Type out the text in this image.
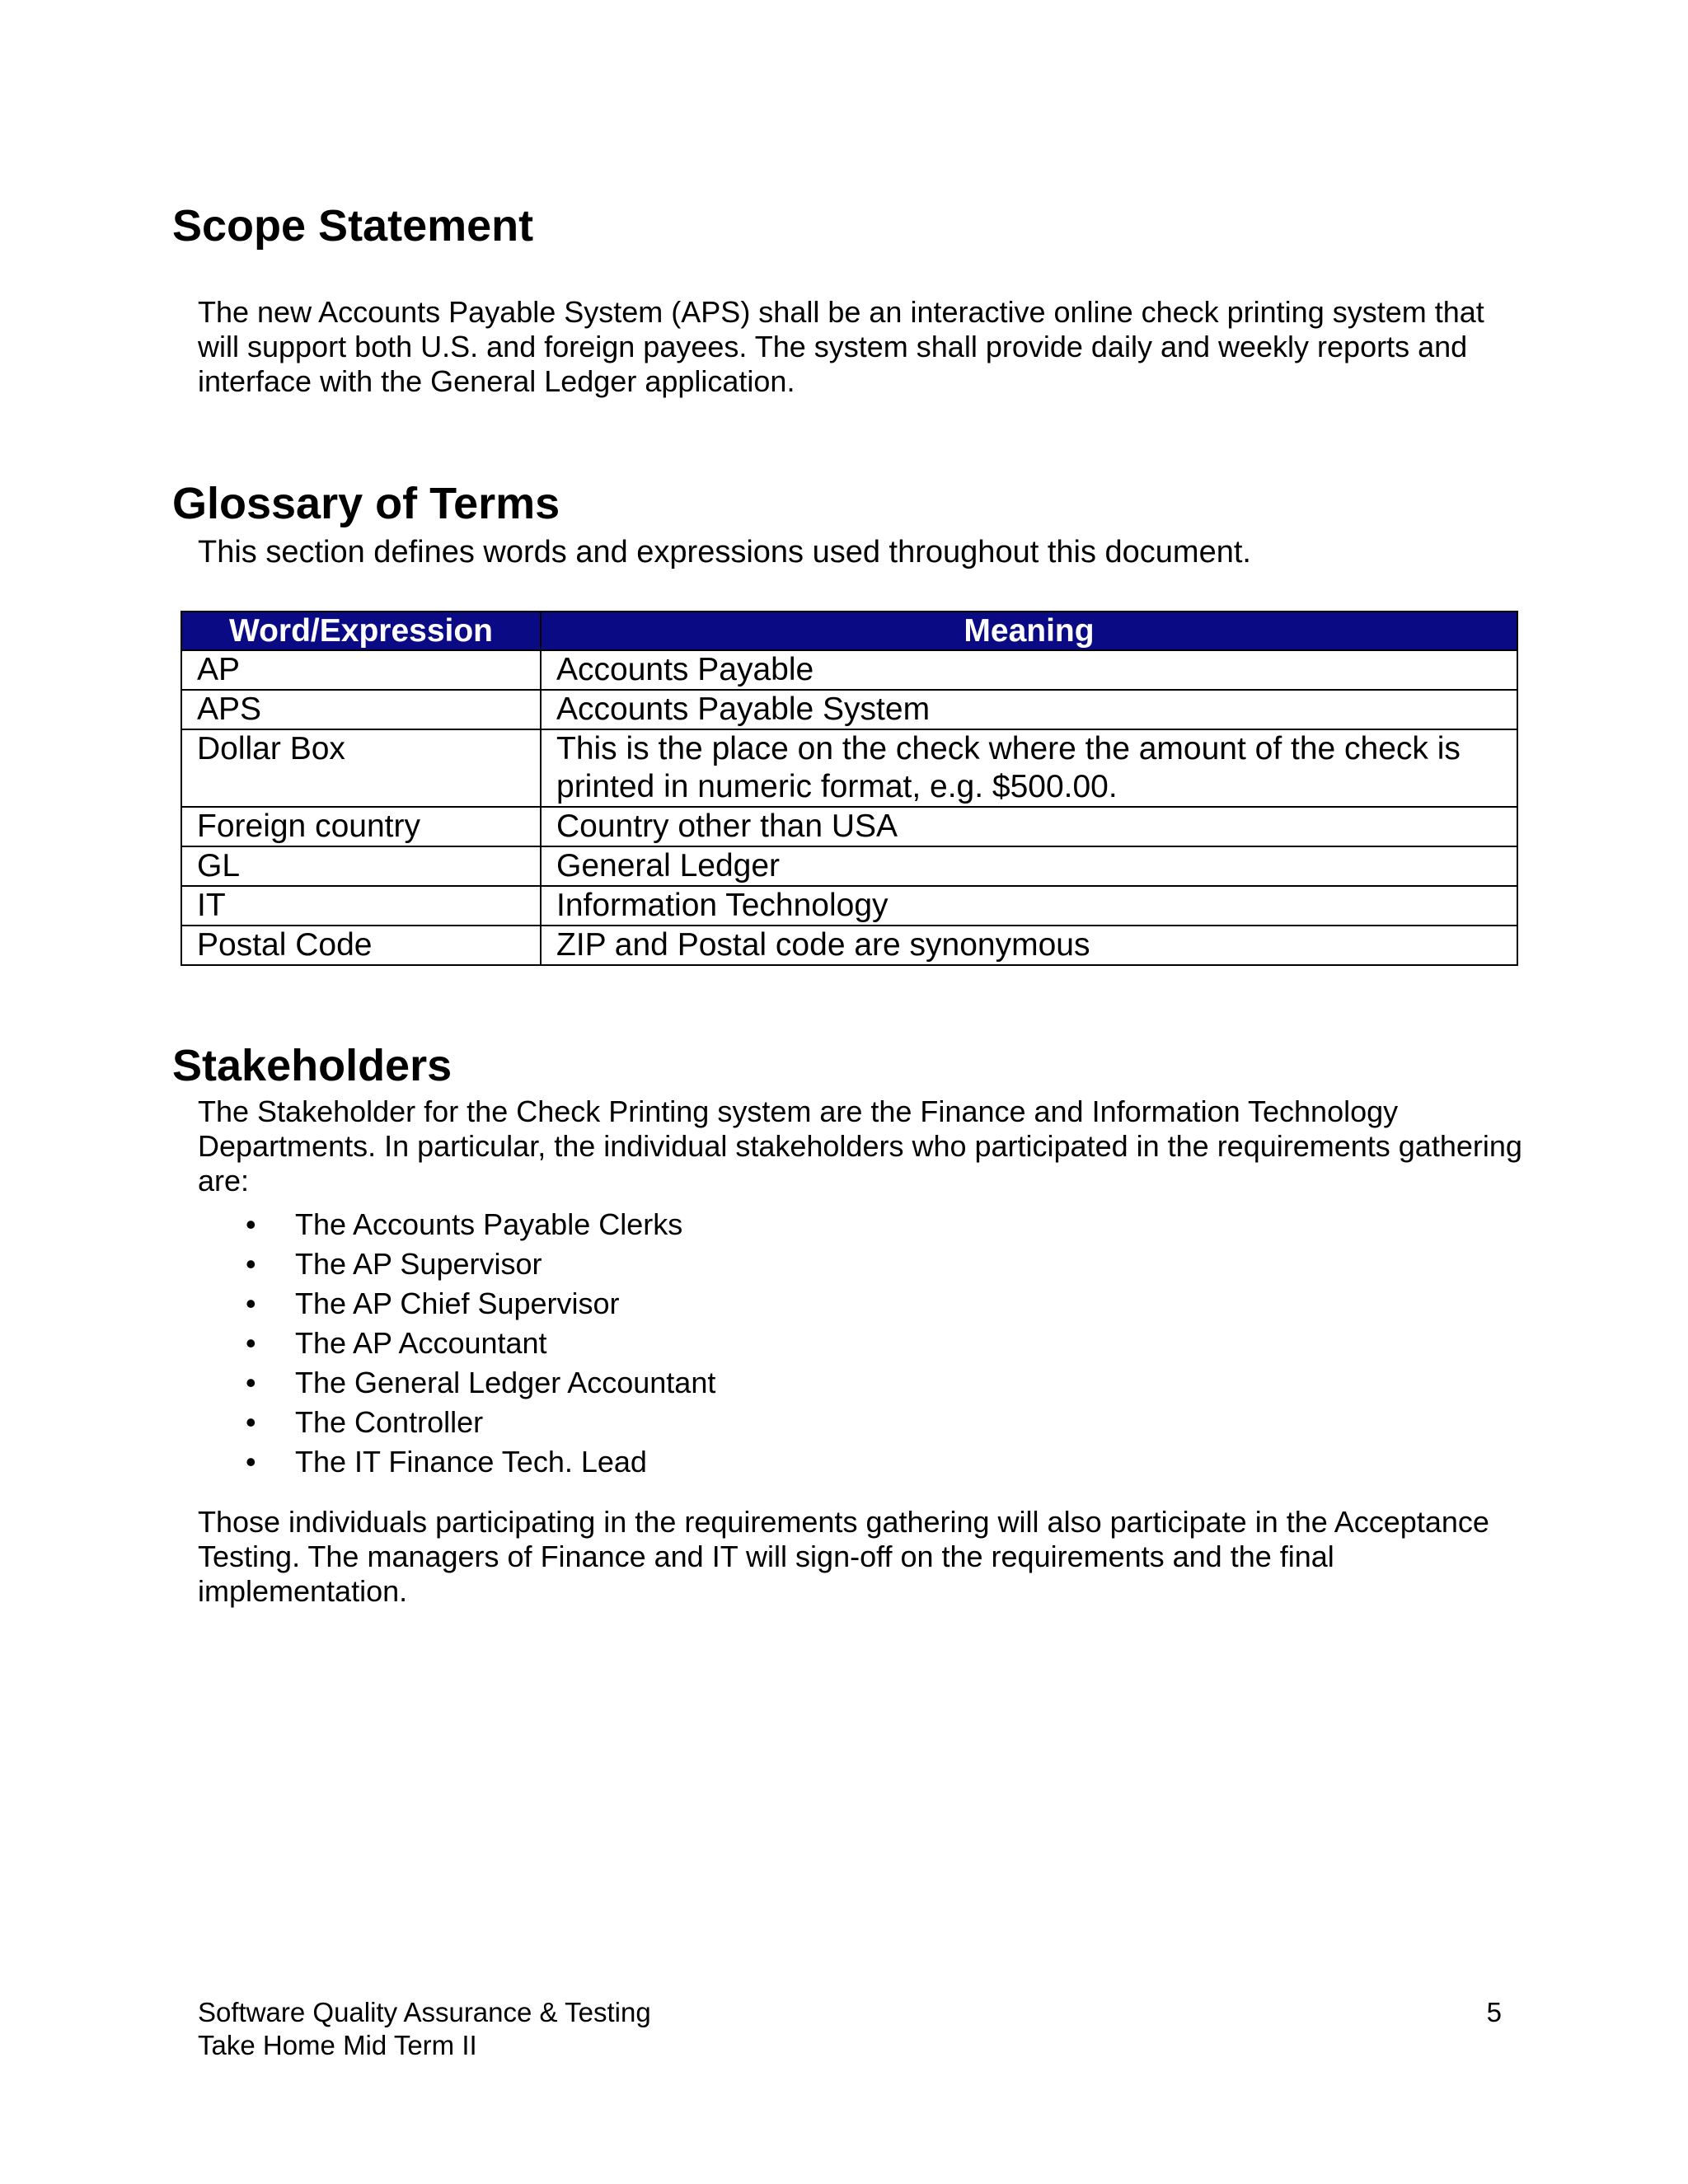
Scope Statement

The new Accounts Payable System (APS) shall be an interactive online check printing system that will support both U.S. and foreign payees. The system shall provide daily and weekly reports and interface with the General Ledger application.

Glossary of Terms

This section defines words and expressions used throughout this document.

Word/Expression	Meaning
AP	Accounts Payable
APS	Accounts Payable System
Dollar Box	This is the place on the check where the amount of the check is printed in numeric format, e.g. $500.00.
Foreign country	Country other than USA
GL	General Ledger
IT	Information Technology
Postal Code	ZIP and Postal code are synonymous
Stakeholders

The Stakeholder for the Check Printing system are the Finance and Information Technology Departments. In particular, the individual stakeholders who participated in the requirements gathering are:

• The Accounts Payable Clerks
• The AP Supervisor
• The AP Chief Supervisor
• The AP Accountant
• The General Ledger Accountant
• The Controller
• The IT Finance Tech. Lead

Those individuals participating in the requirements gathering will also participate in the Acceptance Testing. The managers of Finance and IT will sign-off on the requirements and the final implementation.

Software Quality Assurance & Testing
Take Home Mid Term II
5
